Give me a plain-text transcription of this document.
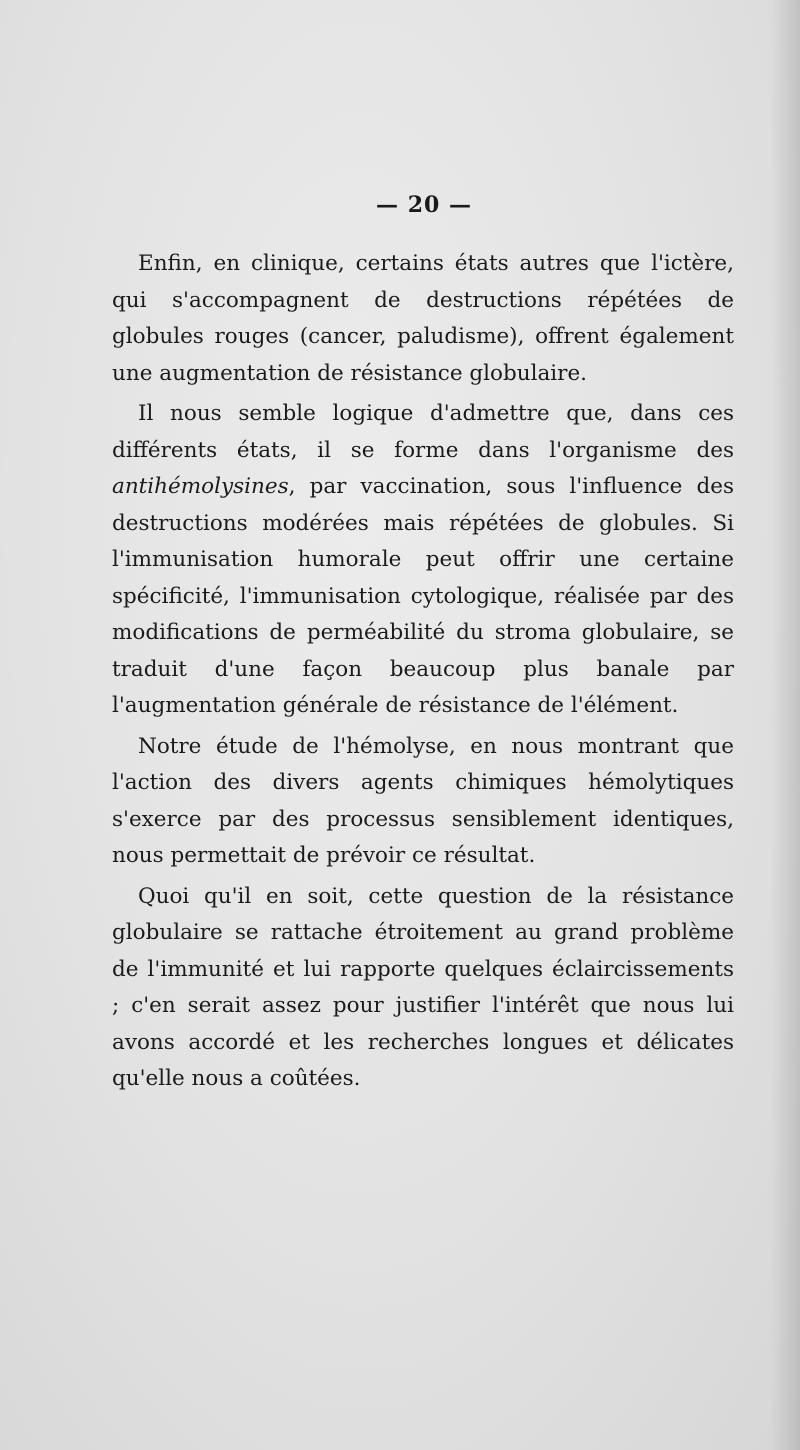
— 20 —

Enfin, en clinique, certains états autres que l'ictère, qui s'accompagnent de destructions répétées de globules rouges (cancer, paludisme), offrent également une augmentation de résistance globulaire.

Il nous semble logique d'admettre que, dans ces différents états, il se forme dans l'organisme des antihémolysines, par vaccination, sous l'influence des destructions modérées mais répétées de globules. Si l'immunisation humorale peut offrir une certaine spécificité, l'immunisation cytologique, réalisée par des modifications de perméabilité du stroma globulaire, se traduit d'une façon beaucoup plus banale par l'augmentation générale de résistance de l'élément.

Notre étude de l'hémolyse, en nous montrant que l'action des divers agents chimiques hémolytiques s'exerce par des processus sensiblement identiques, nous permettait de prévoir ce résultat.

Quoi qu'il en soit, cette question de la résistance globulaire se rattache étroitement au grand problème de l'immunité et lui rapporte quelques éclaircissements ; c'en serait assez pour justifier l'intérêt que nous lui avons accordé et les recherches longues et délicates qu'elle nous a coûtées.
